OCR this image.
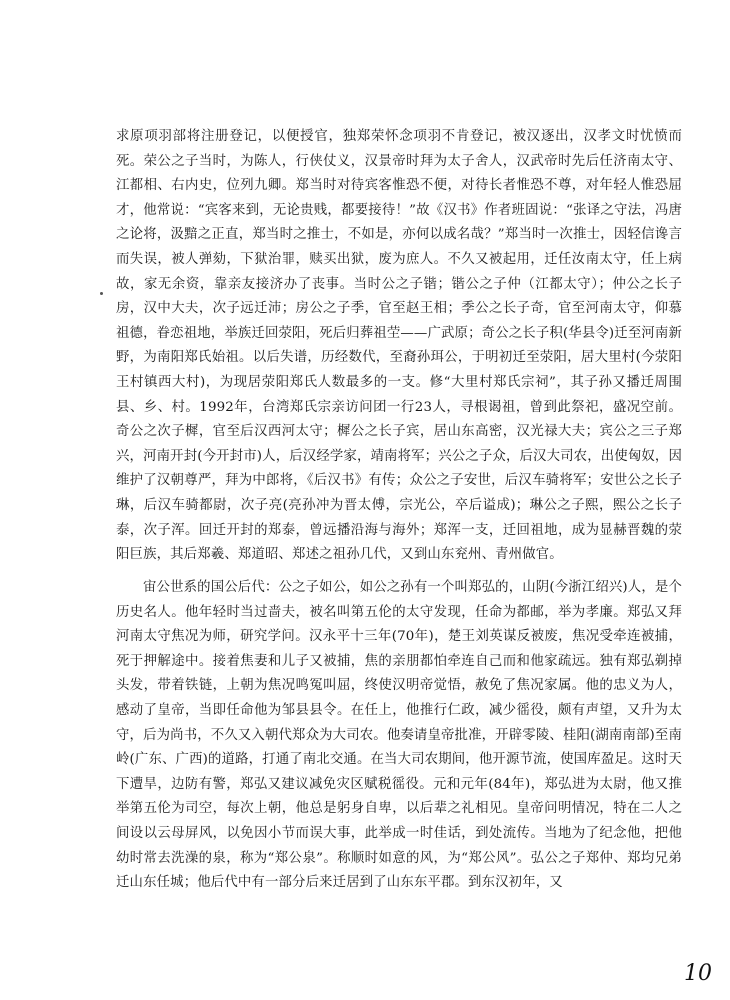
求原项羽部将注册登记，以便授官，独郑荣怀念项羽不肯登记，被汉逐出，汉孝文时忧愤而死。荣公之子当时，为陈人，行侠仗义，汉景帝时拜为太子舍人，汉武帝时先后任济南太守、江都相、右内史，位列九卿。郑当时对待宾客惟恐不便，对待长者惟恐不尊，对年轻人惟恐屈才，他常说：“宾客来到，无论贵贱，都要接待！”故《汉书》作者班固说：“张译之守法，冯唐之论将，汲黯之正直，郑当时之推士，不如是，亦何以成名哉？”郑当时一次推士，因轻信谗言而失误，被人弹劾，下狱治罪，赎买出狱，废为庶人。不久又被起用，迁任汝南太守，任上病故，家无余资，靠亲友接济办了丧事。当时公之子锴；锴公之子仲（江都太守）；仲公之长子房，汉中大夫，次子远迁沛；房公之子季，官至赵王相；季公之长子奇，官至河南太守，仰慕祖德，眷恋祖地，举族迁回荥阳，死后归葬祖茔——广武原；奇公之长子积(华县令)迁至河南新野，为南阳郑氏始祖。以后失谱，历经数代，至裔孙珥公，于明初迁至荥阳，居大里村(今荥阳王村镇西大村)，为现居荥阳郑氏人数最多的一支。修“大里村郑氏宗祠”，其子孙又播迁周围县、乡、村。1992年，台湾郑氏宗亲访问团一行23人，寻根谒祖，曾到此祭祀，盛况空前。奇公之次子樨，官至后汉西河太守；樨公之长子宾，居山东高密，汉光禄大夫；宾公之三子郑兴，河南开封(今开封市)人，后汉经学家，靖南将军；兴公之子众，后汉大司农，出使匈奴，因维护了汉朝尊严，拜为中郎将，《后汉书》有传；众公之子安世，后汉车骑将军；安世公之长子琳，后汉车骑都尉，次子亮(亮孙冲为晋太傅，宗光公，卒后谥成)；琳公之子熙，熙公之长子泰，次子浑。回迁开封的郑泰，曾远播沿海与海外；郑浑一支，迁回祖地，成为显赫晋魏的荥阳巨族，其后郑羲、郑道昭、郑述之祖孙几代，又到山东兖州、青州做官。

宙公世系的国公后代：公之子如公，如公之孙有一个叫郑弘的，山阴(今浙江绍兴)人，是个历史名人。他年轻时当过啬夫，被名叫第五伦的太守发现，任命为都邮，举为孝廉。郑弘又拜河南太守焦况为师，研究学问。汉永平十三年(70年)，楚王刘英谋反被废，焦况受牵连被捕，死于押解途中。接着焦妻和儿子又被捕，焦的亲朋都怕牵连自己而和他家疏远。独有郑弘剃掉头发，带着铁链，上朝为焦况鸣冤叫屈，终使汉明帝觉悟，赦免了焦况家属。他的忠义为人，感动了皇帝，当即任命他为邹县县令。在任上，他推行仁政，减少徭役，颇有声望，又升为太守，后为尚书，不久又入朝代郑众为大司农。他奏请皇帝批准，开辟零陵、桂阳(湖南南部)至南岭(广东、广西)的道路，打通了南北交通。在当大司农期间，他开源节流，使国库盈足。这时天下遭旱，边防有警，郑弘又建议减免灾区赋税徭役。元和元年(84年)，郑弘进为太尉，他又推举第五伦为司空，每次上朝，他总是躬身自卑，以后辈之礼相见。皇帝问明情况，特在二人之间设以云母屏风，以免因小节而误大事，此举成一时佳话，到处流传。当地为了纪念他，把他幼时常去洗澡的泉，称为“郑公泉”。称顺时如意的风，为“郑公风”。弘公之子郑仲、郑均兄弟迁山东任城；他后代中有一部分后来迁居到了山东东平郡。到东汉初年，又

10
